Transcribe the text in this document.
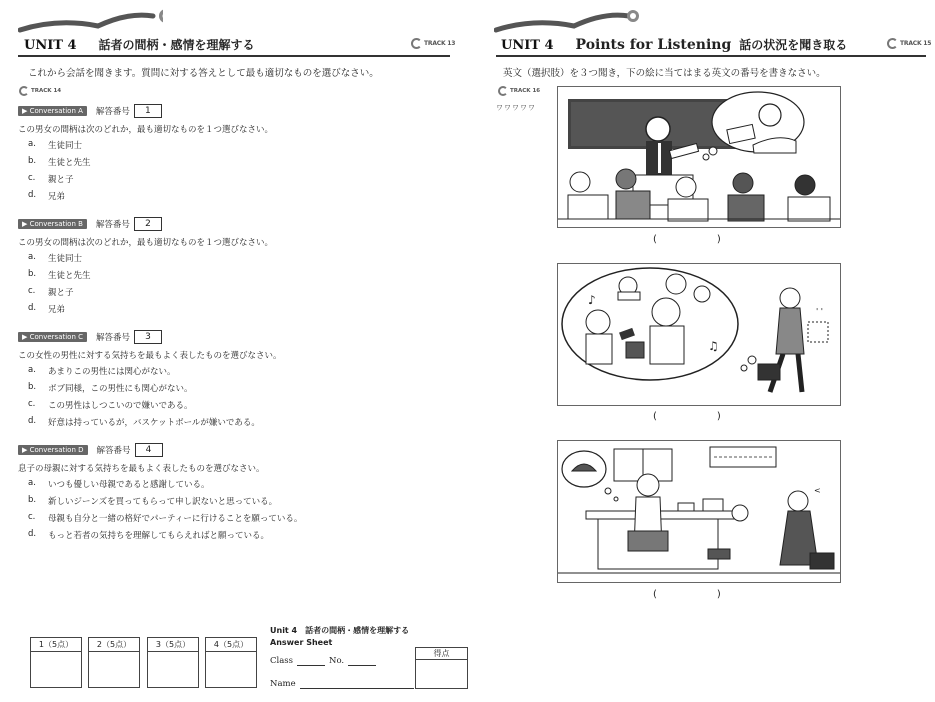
UNIT 4 話者の間柄・感情を理解する	TRACK 13
これから会話を聞きます。質問に対する答えとして最も適切なものを選びなさい。
TRACK 14
▶ Conversation A	解答番号	1
この男女の間柄は次のどれか，最も適切なものを１つ選びなさい。
a.	生徒同士
b.	生徒と先生
c.	親と子
d.	兄弟
▶ Conversation B	解答番号	2
この男女の間柄は次のどれか，最も適切なものを１つ選びなさい。
a.	生徒同士
b.	生徒と先生
c.	親と子
d.	兄弟
▶ Conversation C	解答番号	3
この女性の男性に対する気持ちを最もよく表したものを選びなさい。
a.	あまりこの男性には関心がない。
b.	ボブ同様，この男性にも関心がない。
c.	この男性はしつこいので嫌いである。
d.	好意は持っているが，バスケットボールが嫌いである。
▶ Conversation D	解答番号	4
息子の母親に対する気持ちを最もよく表したものを選びなさい。
a.	いつも優しい母親であると感謝している。
b.	新しいジーンズを買ってもらって申し訳ないと思っている。
c.	母親も自分と一緒の格好でパーティーに行けることを願っている。
d.	もっと若者の気持ちを理解してもらえればと願っている。
1（5点）	2（5点）	3（5点）	4（5点）
Unit 4　話者の間柄・感情を理解する
Answer Sheet
Class	No.
Name
得点
UNIT 4 Points for Listening 話の状況を聞き取る	TRACK 15
英文（選択肢）を３つ聞き，下の絵に当てはまる英文の番号を書きなさい。
TRACK 16
ワワワワワ
(　　　　　　)
♪
♫
' '
(　　　　　　)
<
(　　　　　　)
